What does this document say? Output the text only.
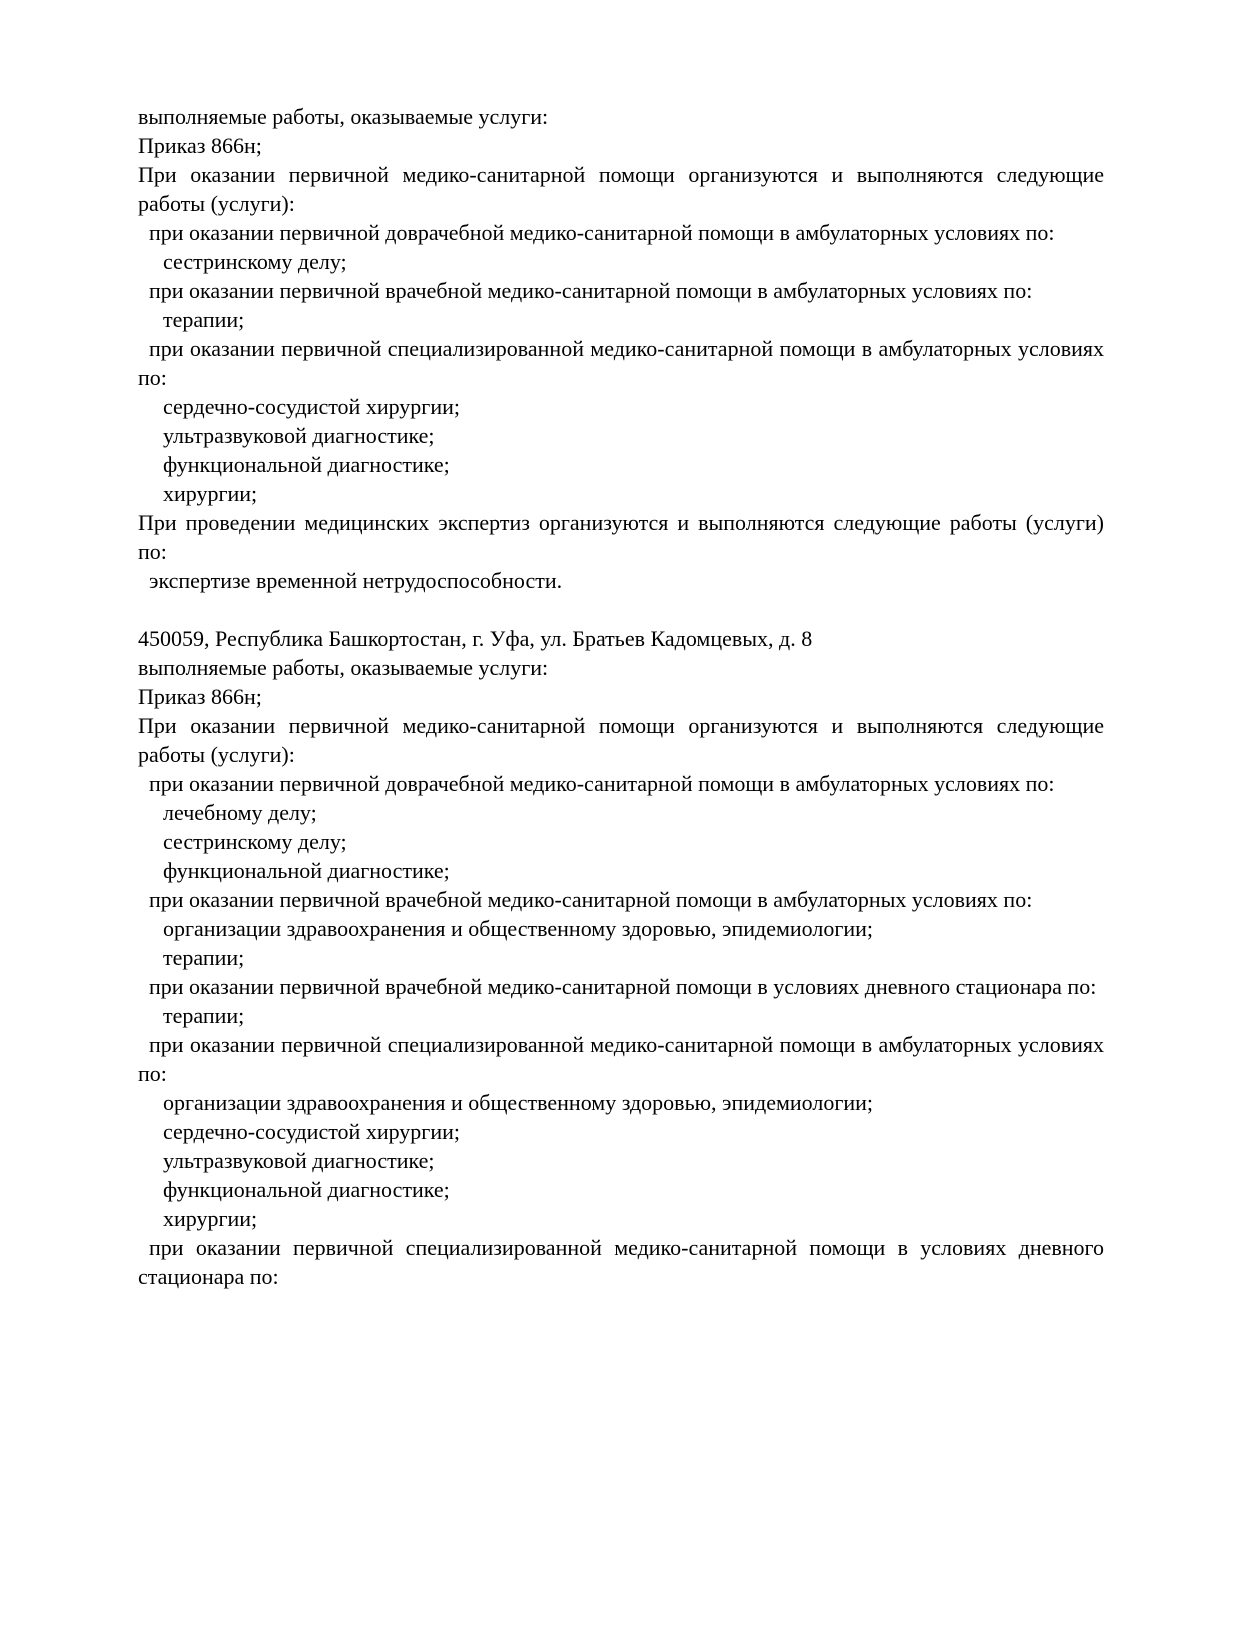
выполняемые работы, оказываемые услуги:

Приказ 866н;

При оказании первичной медико-санитарной помощи организуются и выполняются следующие работы (услуги):

при оказании первичной доврачебной медико-санитарной помощи в амбулаторных условиях по:

сестринскому делу;

при оказании первичной врачебной медико-санитарной помощи в амбулаторных условиях по:

терапии;

при оказании первичной специализированной медико-санитарной помощи в амбулаторных условиях по:

сердечно-сосудистой хирургии;

ультразвуковой диагностике;

функциональной диагностике;

хирургии;

При проведении медицинских экспертиз организуются и выполняются следующие работы (услуги) по:

экспертизе временной нетрудоспособности.

450059, Республика Башкортостан, г. Уфа, ул. Братьев Кадомцевых, д. 8

выполняемые работы, оказываемые услуги:

Приказ 866н;

При оказании первичной медико-санитарной помощи организуются и выполняются следующие работы (услуги):

при оказании первичной доврачебной медико-санитарной помощи в амбулаторных условиях по:

лечебному делу;

сестринскому делу;

функциональной диагностике;

при оказании первичной врачебной медико-санитарной помощи в амбулаторных условиях по:

организации здравоохранения и общественному здоровью, эпидемиологии;

терапии;

при оказании первичной врачебной медико-санитарной помощи в условиях дневного стационара по:

терапии;

при оказании первичной специализированной медико-санитарной помощи в амбулаторных условиях по:

организации здравоохранения и общественному здоровью, эпидемиологии;

сердечно-сосудистой хирургии;

ультразвуковой диагностике;

функциональной диагностике;

хирургии;

при оказании первичной специализированной медико-санитарной помощи в условиях дневного стационара по:
